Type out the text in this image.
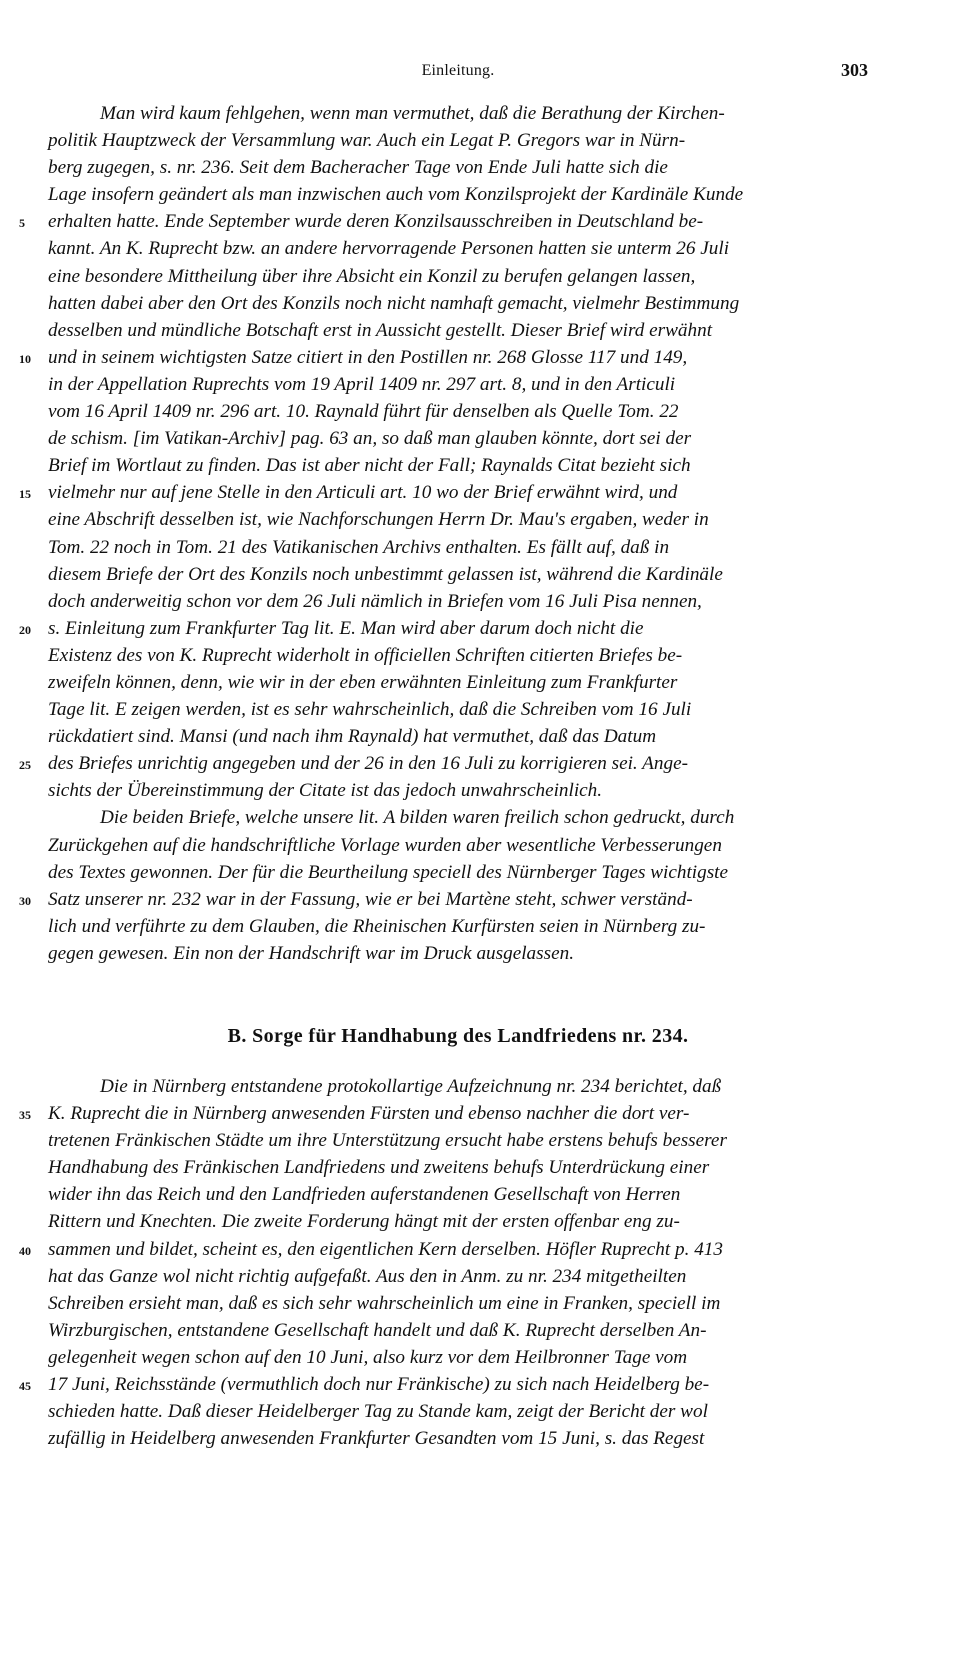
Einleitung.	303
Man wird kaum fehlgehen, wenn man vermuthet, daß die Berathung der Kirchen-
politik Hauptzweck der Versammlung war. Auch ein Legat P. Gregors war in Nürn-
berg zugegen, s. nr. 236. Seit dem Bacheracher Tage von Ende Juli hatte sich die
Lage insofern geändert als man inzwischen auch vom Konzilsprojekt der Kardinäle Kunde
5	erhalten hatte. Ende September wurde deren Konzilsausschreiben in Deutschland be-
kannt. An K. Ruprecht bzw. an andere hervorragende Personen hatten sie unterm 26 Juli
eine besondere Mittheilung über ihre Absicht ein Konzil zu berufen gelangen lassen,
hatten dabei aber den Ort des Konzils noch nicht namhaft gemacht, vielmehr Bestimmung
desselben und mündliche Botschaft erst in Aussicht gestellt. Dieser Brief wird erwähnt
10 und in seinem wichtigsten Satze citiert in den Postillen nr. 268 Glosse 117 und 149,
in der Appellation Ruprechts vom 19 April 1409 nr. 297 art. 8, und in den Articuli
vom 16 April 1409 nr. 296 art. 10. Raynald führt für denselben als Quelle Tom. 22
de schism. [im Vatikan-Archiv] pag. 63 an, so daß man glauben könnte, dort sei der
Brief im Wortlaut zu finden. Das ist aber nicht der Fall; Raynalds Citat bezieht sich
15 vielmehr nur auf jene Stelle in den Articuli art. 10 wo der Brief erwähnt wird, und
eine Abschrift desselben ist, wie Nachforschungen Herrn Dr. Mau's ergaben, weder in
Tom. 22 noch in Tom. 21 des Vatikanischen Archivs enthalten. Es fällt auf, daß in
diesem Briefe der Ort des Konzils noch unbestimmt gelassen ist, während die Kardinäle
doch anderweitig schon vor dem 26 Juli nämlich in Briefen vom 16 Juli Pisa nennen,
20 s. Einleitung zum Frankfurter Tag lit. E. Man wird aber darum doch nicht die
Existenz des von K. Ruprecht widerholt in officiellen Schriften citierten Briefes be-
zweifeln können, denn, wie wir in der eben erwähnten Einleitung zum Frankfurter
Tage lit. E zeigen werden, ist es sehr wahrscheinlich, daß die Schreiben vom 16 Juli
rückdatiert sind. Mansi (und nach ihm Raynald) hat vermuthet, daß das Datum
25 des Briefes unrichtig angegeben und der 26 in den 16 Juli zu korrigieren sei. Ange-
sichts der Übereinstimmung der Citate ist das jedoch unwahrscheinlich.
Die beiden Briefe, welche unsere lit. A bilden waren freilich schon gedruckt, durch
Zurückgehen auf die handschriftliche Vorlage wurden aber wesentliche Verbesserungen
des Textes gewonnen. Der für die Beurtheilung speciell des Nürnberger Tages wichtigste
30 Satz unserer nr. 232 war in der Fassung, wie er bei Martène steht, schwer verständ-
lich und verführte zu dem Glauben, die Rheinischen Kurfürsten seien in Nürnberg zu-
gegen gewesen. Ein non der Handschrift war im Druck ausgelassen.
B. Sorge für Handhabung des Landfriedens nr. 234.
Die in Nürnberg entstandene protokollartige Aufzeichnung nr. 234 berichtet, daß
35 K. Ruprecht die in Nürnberg anwesenden Fürsten und ebenso nachher die dort ver-
tretenen Fränkischen Städte um ihre Unterstützung ersucht habe erstens behufs besserer
Handhabung des Fränkischen Landfriedens und zweitens behufs Unterdrückung einer
wider ihn das Reich und den Landfrieden auferstandenen Gesellschaft von Herren
Rittern und Knechten. Die zweite Forderung hängt mit der ersten offenbar eng zu-
40 sammen und bildet, scheint es, den eigentlichen Kern derselben. Höfler Ruprecht p. 413
hat das Ganze wol nicht richtig aufgefaßt. Aus den in Anm. zu nr. 234 mitgetheilten
Schreiben ersieht man, daß es sich sehr wahrscheinlich um eine in Franken, speciell im
Wirzburgischen, entstandene Gesellschaft handelt und daß K. Ruprecht derselben An-
gelegenheit wegen schon auf den 10 Juni, also kurz vor dem Heilbronner Tage vom
45 17 Juni, Reichsstände (vermuthlich doch nur Fränkische) zu sich nach Heidelberg be-
schieden hatte. Daß dieser Heidelberger Tag zu Stande kam, zeigt der Bericht der wol
zufällig in Heidelberg anwesenden Frankfurter Gesandten vom 15 Juni, s. das Regest
